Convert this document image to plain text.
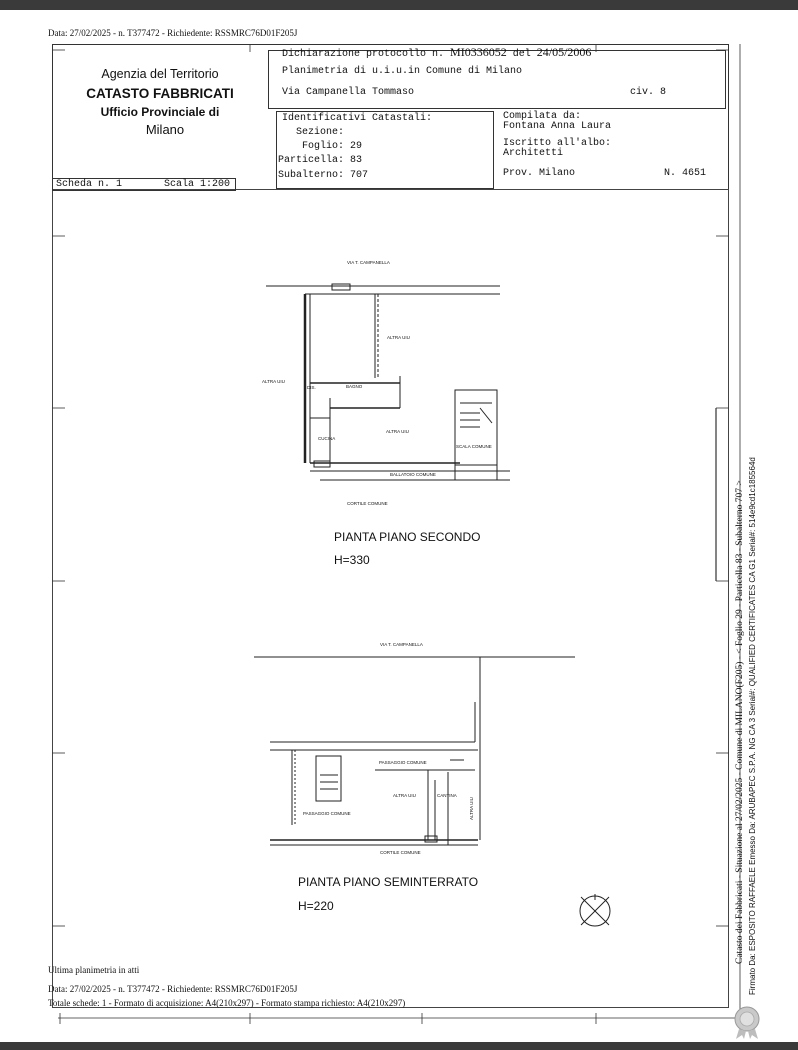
Data: 27/02/2025 - n. T377472 - Richiedente: RSSMRC76D01F205J
Agenzia del Territorio
CATASTO FABBRICATI
Ufficio Provinciale di
Milano
Dichiarazione protocollo n. MI0336052 del 24/05/2006
Planimetria di u.i.u.in Comune di Milano
Via Campanella Tommaso	civ. 8
Identificativi Catastali:
Sezione:
Foglio: 29
Particella: 83
Subalterno: 707
Compilata da:
Fontana Anna Laura
Iscritto all'albo:
Architetti
Prov. Milano	N. 4651
Scheda n. 1	Scala 1:200
VIA T. CAMPANELLA
ALTRA UIU
ALTRA UIU
DIS.	BAGNO
CUCINA
ALTRA UIU
SCALA COMUNE
BALLATOIO COMUNE
CORTILE COMUNE
PIANTA PIANO SECONDO
H=330
VIA T. CAMPANELLA
PASSAGGIO COMUNE
ALTRA UIU	CANTINA
ALTRA UIU
PASSAGGIO COMUNE
CORTILE COMUNE
PIANTA PIANO SEMINTERRATO
H=220
Ultima planimetria in atti
Data: 27/02/2025 - n. T377472 - Richiedente: RSSMRC76D01F205J
Totale schede: 1 - Formato di acquisizione: A4(210x297) - Formato stampa richiesto: A4(210x297)
Catasto dei Fabbricati - Situazione al 27/02/2025 - Comune di MILANO(F205) - < Foglio 29 - Particella 83 - Subalterno 707 > Firmato Da: ESPOSITO RAFFAELE Emesso Da: ARUBAPEC S.P.A. NG CA 3 Serial#: QUALIFIED CERTIFICATES CA G1 Serial#: 514e9cd1c185564d
